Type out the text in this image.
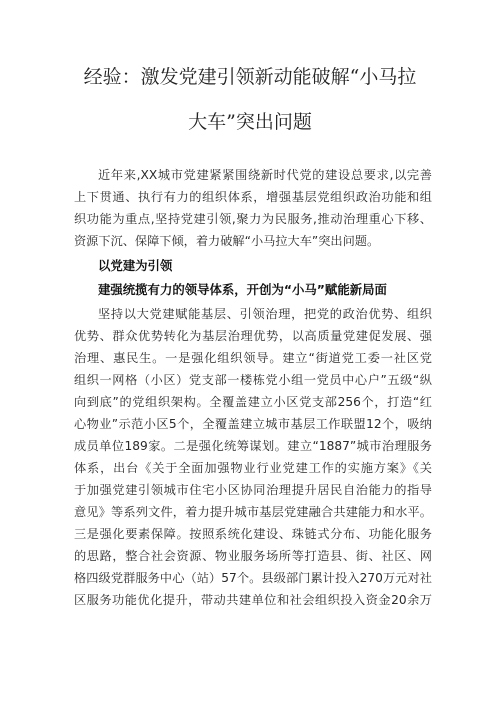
经验：激发党建引领新动能破解“小马拉
大车”突出问题
近年来,XX城市党建紧紧围绕新时代党的建设总要求,以完善
上下贯通、执行有力的组织体系，增强基层党组织政治功能和组
织功能为重点,坚持党建引领,聚力为民服务,推动治理重心下移、
资源下沉、保障下倾，着力破解“小马拉大车”突出问题。
以党建为引领
建强统揽有力的领导体系，开创为“小马”赋能新局面
坚持以大党建赋能基层、引领治理，把党的政治优势、组织
优势、群众优势转化为基层治理优势，以高质量党建促发展、强
治理、惠民生。一是强化组织领导。建立“街道党工委一社区党
组织一网格（小区）党支部一楼栋党小组一党员中心户”五级“纵
向到底”的党组织架构。全覆盖建立小区党支部256个，打造“红
心物业”示范小区5个，全覆盖建立城市基层工作联盟12个，吸纳
成员单位189家。二是强化统筹谋划。建立“1887”城市治理服务
体系，出台《关于全面加强物业行业党建工作的实施方案》《关
于加强党建引领城市住宅小区协同治理提升居民自治能力的指导
意见》等系列文件，着力提升城市基层党建融合共建能力和水平。
三是强化要素保障。按照系统化建设、珠链式分布、功能化服务
的思路，整合社会资源、物业服务场所等打造县、街、社区、网
格四级党群服务中心（站）57个。县级部门累计投入270万元对社
区服务功能优化提升，带动共建单位和社会组织投入资金20余万
